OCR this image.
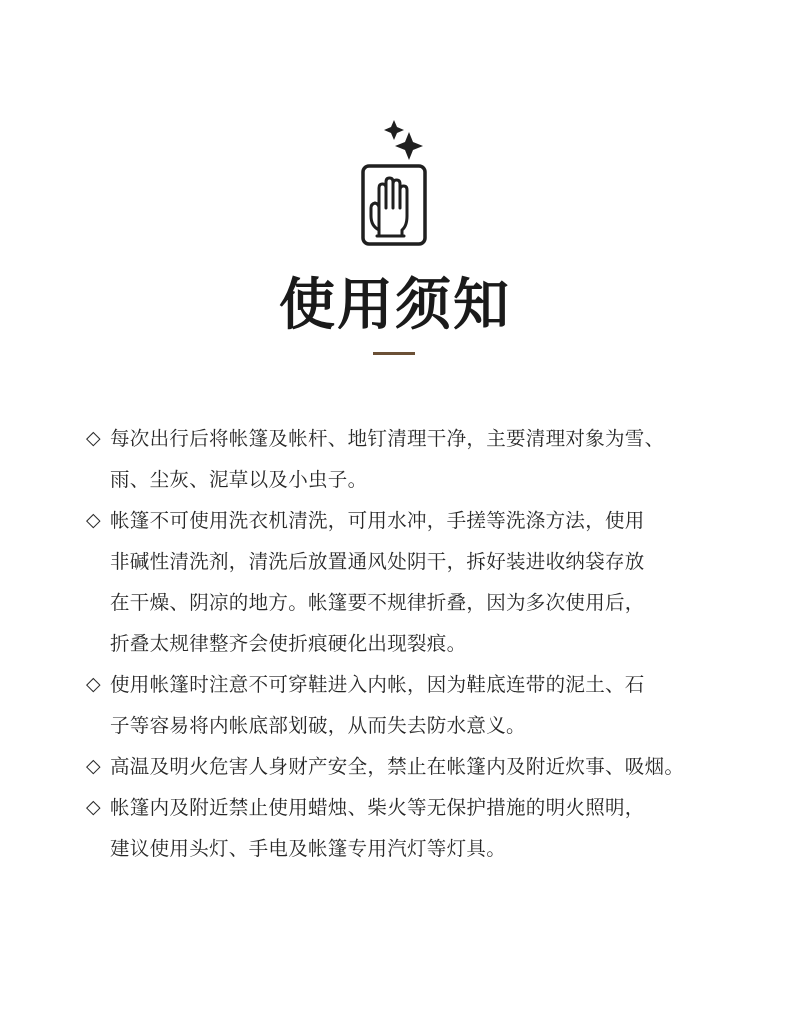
使用须知
◇ 每次出行后将帐篷及帐杆、地钉清理干净，主要清理对象为雪、
雨、尘灰、泥草以及小虫子。
◇ 帐篷不可使用洗衣机清洗，可用水冲，手搓等洗涤方法，使用
非碱性清洗剂，清洗后放置通风处阴干，拆好装进收纳袋存放
在干燥、阴凉的地方。帐篷要不规律折叠，因为多次使用后，
折叠太规律整齐会使折痕硬化出现裂痕。
◇ 使用帐篷时注意不可穿鞋进入内帐，因为鞋底连带的泥土、石
子等容易将内帐底部划破，从而失去防水意义。
◇ 高温及明火危害人身财产安全，禁止在帐篷内及附近炊事、吸烟。
◇ 帐篷内及附近禁止使用蜡烛、柴火等无保护措施的明火照明，
建议使用头灯、手电及帐篷专用汽灯等灯具。
